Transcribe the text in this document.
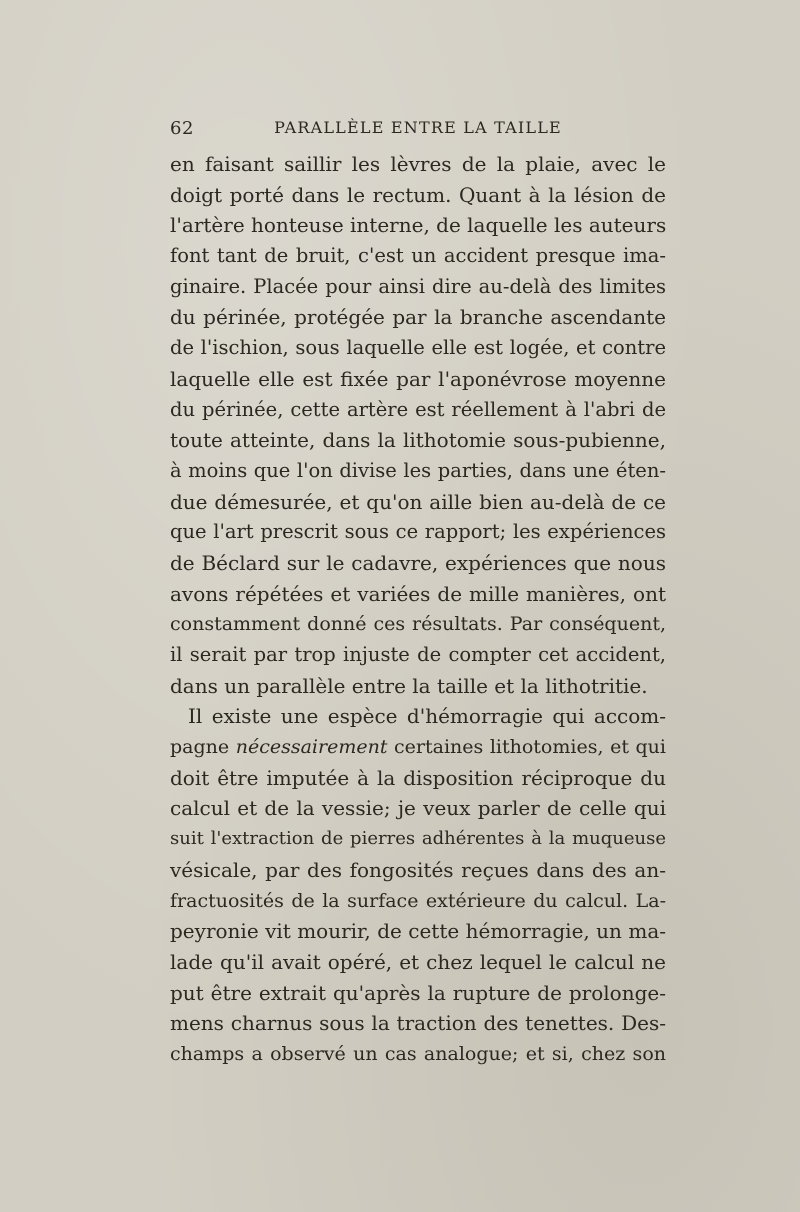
62	PARALLÈLE ENTRE LA TAILLE
en faisant saillir les lèvres de la plaie, avec le
doigt porté dans le rectum. Quant à la lésion de
l'artère honteuse interne, de laquelle les auteurs
font tant de bruit, c'est un accident presque ima-
ginaire. Placée pour ainsi dire au-delà des limites
du périnée, protégée par la branche ascendante
de l'ischion, sous laquelle elle est logée, et contre
laquelle elle est fixée par l'aponévrose moyenne
du périnée, cette artère est réellement à l'abri de
toute atteinte, dans la lithotomie sous-pubienne,
à moins que l'on divise les parties, dans une éten-
due démesurée, et qu'on aille bien au-delà de ce
que l'art prescrit sous ce rapport; les expériences
de Béclard sur le cadavre, expériences que nous
avons répétées et variées de mille manières, ont
constamment donné ces résultats. Par conséquent,
il serait par trop injuste de compter cet accident,
dans un parallèle entre la taille et la lithotritie.
Il existe une espèce d'hémorragie qui accom-
pagne nécessairement certaines lithotomies, et qui
doit être imputée à la disposition réciproque du
calcul et de la vessie; je veux parler de celle qui
suit l'extraction de pierres adhérentes à la muqueuse
vésicale, par des fongosités reçues dans des an-
fractuosités de la surface extérieure du calcul. La-
peyronie vit mourir, de cette hémorragie, un ma-
lade qu'il avait opéré, et chez lequel le calcul ne
put être extrait qu'après la rupture de prolonge-
mens charnus sous la traction des tenettes. Des-
champs a observé un cas analogue; et si, chez son
